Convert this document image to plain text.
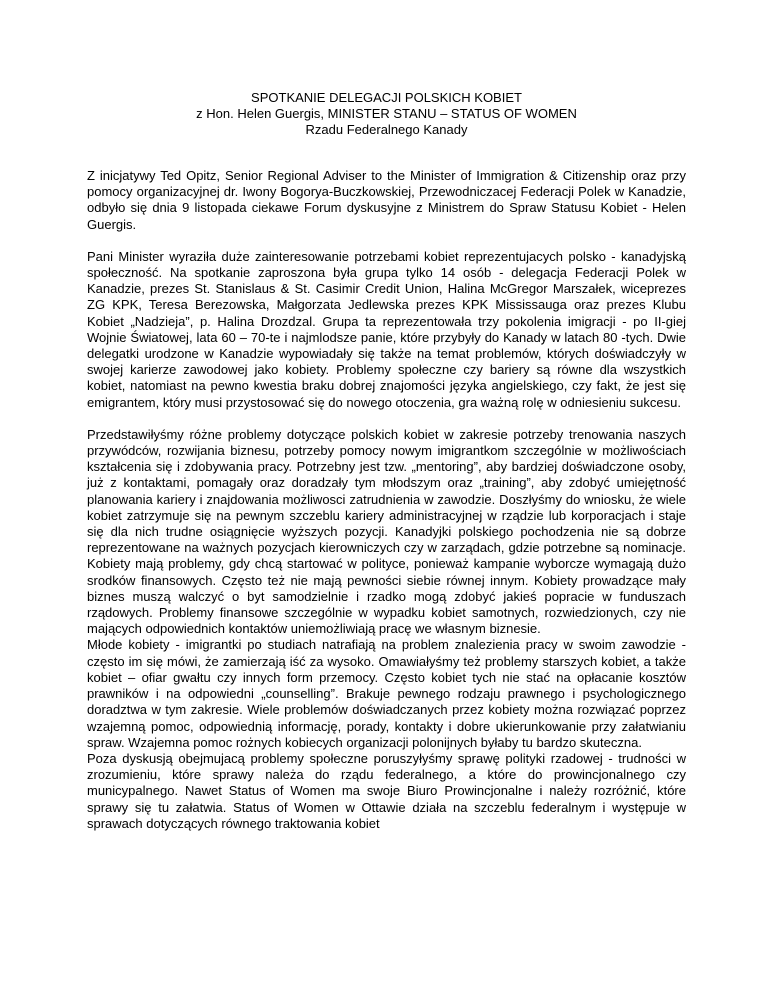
SPOTKANIE DELEGACJI POLSKICH KOBIET
z Hon. Helen Guergis, MINISTER STANU – STATUS OF WOMEN
Rzadu Federalnego Kanady

Z inicjatywy Ted Opitz, Senior Regional Adviser to the Minister of Immigration & Citizenship oraz przy pomocy organizacyjnej dr. Iwony Bogorya-Buczkowskiej, Przewodniczacej Federacji Polek w Kanadzie, odbyło się dnia 9 listopada ciekawe Forum dyskusyjne z Ministrem do Spraw Statusu Kobiet - Helen Guergis.

Pani Minister wyraziła duże zainteresowanie potrzebami kobiet reprezentujacych polsko - kanadyjską społeczność. Na spotkanie zaproszona była grupa tylko 14 osób - delegacja Federacji Polek w Kanadzie, prezes St. Stanislaus & St. Casimir Credit Union, Halina McGregor Marszałek, wiceprezes ZG KPK, Teresa Berezowska, Małgorzata Jedlewska prezes KPK Mississauga oraz prezes Klubu Kobiet „Nadzieja”, p. Halina Drozdzal. Grupa ta reprezentowała trzy pokolenia imigracji - po II-giej Wojnie Światowej, lata 60 – 70-te i najmlodsze panie, które przybyły do Kanady w latach 80 -tych. Dwie delegatki urodzone w Kanadzie wypowiadały się także na temat problemów, których doświadczyły w swojej karierze zawodowej jako kobiety. Problemy społeczne czy bariery są równe dla wszystkich kobiet, natomiast na pewno kwestia braku dobrej znajomości języka angielskiego, czy fakt, że jest się emigrantem, który musi przystosować się do nowego otoczenia, gra ważną rolę w odniesieniu sukcesu.

Przedstawiłyśmy różne problemy dotyczące polskich kobiet w zakresie potrzeby trenowania naszych przywódców, rozwijania biznesu, potrzeby pomocy nowym imigrantkom szczególnie w możliwościach kształcenia się i zdobywania pracy. Potrzebny jest tzw. „mentoring”, aby bardziej doświadczone osoby, już z kontaktami, pomagały oraz doradzały tym młodszym oraz „training”, aby zdobyć umiejętność planowania kariery i znajdowania możliwosci zatrudnienia w zawodzie. Doszłyśmy do wniosku, że wiele kobiet zatrzymuje się na pewnym szczeblu kariery administracyjnej w rządzie lub korporacjach i staje się dla nich trudne osiągnięcie wyższych pozycji. Kanadyjki polskiego pochodzenia nie są dobrze reprezentowane na ważnych pozycjach kierowniczych czy w zarządach, gdzie potrzebne są nominacje. Kobiety mają problemy, gdy chcą startować w polityce, ponieważ kampanie wyborcze wymagają dużo srodków finansowych. Często też nie mają pewności siebie równej innym. Kobiety prowadzące mały biznes muszą walczyć o byt samodzielnie i rzadko mogą zdobyć jakieś popracie w funduszach rządowych. Problemy finansowe szczególnie w wypadku kobiet samotnych, rozwiedzionych, czy nie mających odpowiednich kontaktów uniemożliwiają pracę we własnym biznesie.

Młode kobiety - imigrantki po studiach natrafiają na problem znalezienia pracy w swoim zawodzie - często im się mówi, że zamierzają iść za wysoko. Omawiałyśmy też problemy starszych kobiet, a także kobiet – ofiar gwałtu czy innych form przemocy. Często kobiet tych nie stać na opłacanie kosztów prawników i na odpowiedni „counselling”. Brakuje pewnego rodzaju prawnego i psychologicznego doradztwa w tym zakresie. Wiele problemów doświadczanych przez kobiety można rozwiązać poprzez wzajemną pomoc, odpowiednią informację, porady, kontakty i dobre ukierunkowanie przy załatwianiu spraw. Wzajemna pomoc rożnych kobiecych organizacji polonijnych byłaby tu bardzo skuteczna.

Poza dyskusją obejmujacą problemy społeczne poruszyłyśmy sprawę polityki rzadowej - trudności w zrozumieniu, które sprawy należa do rządu federalnego, a które do prowincjonalnego czy municypalnego. Nawet Status of Women ma swoje Biuro Prowincjonalne i należy rozróżnić, które sprawy się tu załatwia. Status of Women w Ottawie działa na szczeblu federalnym i występuje w sprawach dotyczących równego traktowania kobiet
